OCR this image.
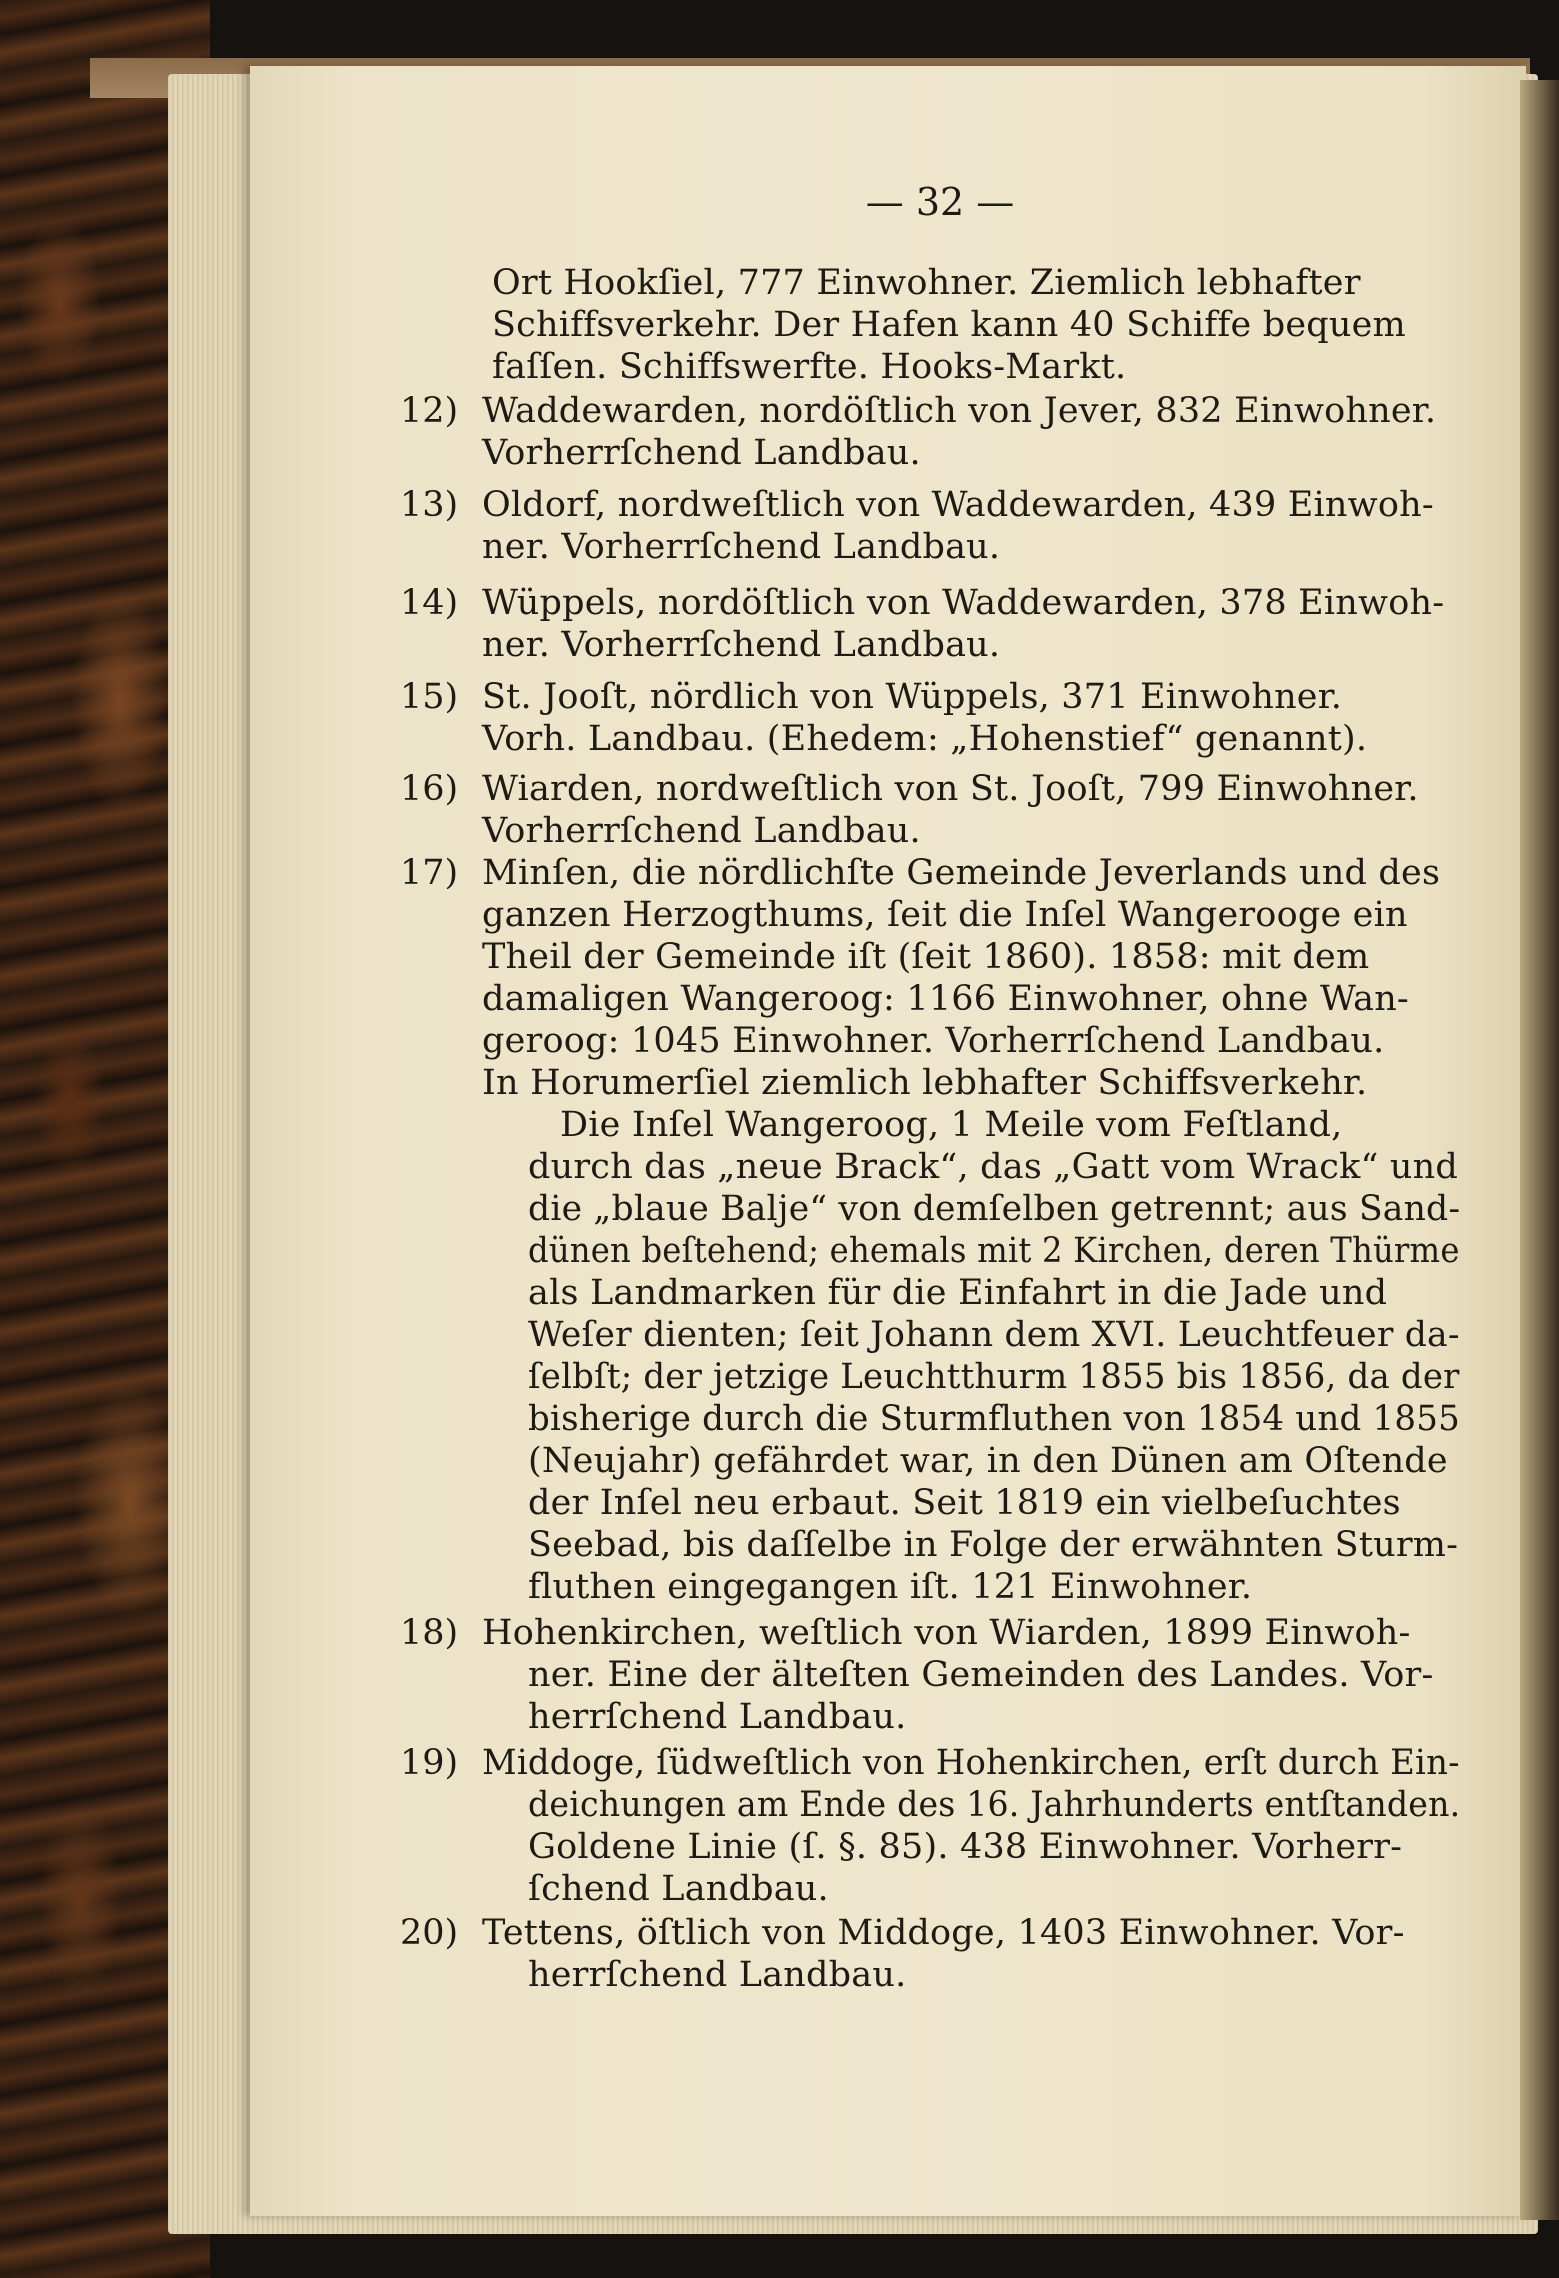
— 32 —
Ort Hookſiel, 777 Einwohner. Ziemlich lebhafter
Schiffsverkehr. Der Hafen kann 40 Schiffe bequem
faſſen. Schiffswerfte. Hooks-Markt.
12) Waddewarden, nordöſtlich von Jever, 832 Einwohner.
Vorherrſchend Landbau.
13) Oldorf, nordweſtlich von Waddewarden, 439 Einwoh-
ner. Vorherrſchend Landbau.
14) Wüppels, nordöſtlich von Waddewarden, 378 Einwoh-
ner. Vorherrſchend Landbau.
15) St. Jooſt, nördlich von Wüppels, 371 Einwohner.
Vorh. Landbau. (Ehedem: „Hohenstief“ genannt).
16) Wiarden, nordweſtlich von St. Jooſt, 799 Einwohner.
Vorherrſchend Landbau.
17) Minſen, die nördlichſte Gemeinde Jeverlands und des
ganzen Herzogthums, ſeit die Inſel Wangerooge ein
Theil der Gemeinde iſt (ſeit 1860). 1858: mit dem
damaligen Wangeroog: 1166 Einwohner, ohne Wan-
geroog: 1045 Einwohner. Vorherrſchend Landbau.
In Horumerſiel ziemlich lebhafter Schiffsverkehr.
Die Inſel Wangeroog, 1 Meile vom Feſtland,
durch das „neue Brack“, das „Gatt vom Wrack“ und
die „blaue Balje“ von demſelben getrennt; aus Sand-
dünen beſtehend; ehemals mit 2 Kirchen, deren Thürme
als Landmarken für die Einfahrt in die Jade und
Weſer dienten; ſeit Johann dem XVI. Leuchtfeuer da-
ſelbſt; der jetzige Leuchtthurm 1855 bis 1856, da der
bisherige durch die Sturmfluthen von 1854 und 1855
(Neujahr) gefährdet war, in den Dünen am Oſtende
der Inſel neu erbaut. Seit 1819 ein vielbeſuchtes
Seebad, bis daſſelbe in Folge der erwähnten Sturm-
fluthen eingegangen iſt. 121 Einwohner.
18) Hohenkirchen, weſtlich von Wiarden, 1899 Einwoh-
ner. Eine der älteſten Gemeinden des Landes. Vor-
herrſchend Landbau.
19) Middoge, ſüdweſtlich von Hohenkirchen, erſt durch Ein-
deichungen am Ende des 16. Jahrhunderts entſtanden.
Goldene Linie (ſ. §. 85). 438 Einwohner. Vorherr-
ſchend Landbau.
20) Tettens, öſtlich von Middoge, 1403 Einwohner. Vor-
herrſchend Landbau.
